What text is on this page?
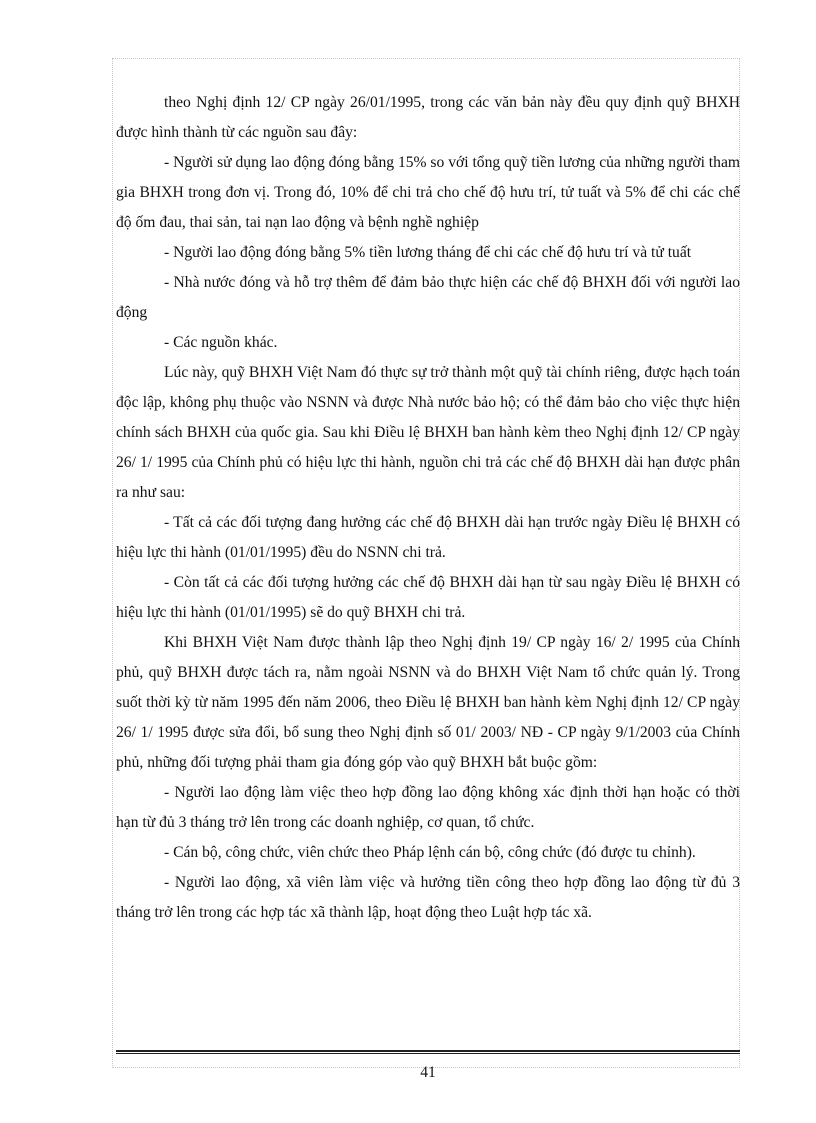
theo Nghị định 12/ CP ngày 26/01/1995, trong các văn bản này đều quy định quỹ BHXH được hình thành từ các nguồn sau đây:

- Người sử dụng lao động đóng bằng 15% so với tổng quỹ tiền lương của những người tham gia BHXH trong đơn vị. Trong đó, 10% để chi trả cho chế độ hưu trí, tử tuất và 5% để chi các chế độ ốm đau, thai sản, tai nạn lao động và bệnh nghề nghiệp

- Người lao động đóng bằng 5% tiền lương tháng để chi các chế độ hưu trí và tử tuất

- Nhà nước đóng và hỗ trợ thêm để đảm bảo thực hiện các chế độ BHXH đối với người lao động

- Các nguồn khác.

Lúc này, quỹ BHXH Việt Nam đó thực sự trở thành một quỹ tài chính riêng, được hạch toán độc lập, không phụ thuộc vào NSNN và được Nhà nước bảo hộ; có thể đảm bảo cho việc thực hiện chính sách BHXH của quốc gia. Sau khi Điều lệ BHXH ban hành kèm theo Nghị định 12/ CP ngày 26/ 1/ 1995 của Chính phủ có hiệu lực thi hành, nguồn chi trả các chế độ BHXH dài hạn được phân ra như sau:

- Tất cả các đối tượng đang hưởng các chế độ BHXH dài hạn trước ngày Điều lệ BHXH có hiệu lực thi hành (01/01/1995) đều do NSNN chi trả.

- Còn tất cả các đối tượng hưởng các chế độ BHXH dài hạn từ sau ngày Điều lệ BHXH có hiệu lực thi hành (01/01/1995) sẽ do quỹ BHXH chi trả.

Khi BHXH Việt Nam được thành lập theo Nghị định 19/ CP ngày 16/ 2/ 1995 của Chính phủ, quỹ BHXH được tách ra, nằm ngoài NSNN và do BHXH Việt Nam tổ chức quản lý. Trong suốt thời kỳ từ năm 1995 đến năm 2006, theo Điều lệ BHXH ban hành kèm Nghị định 12/ CP ngày 26/ 1/ 1995 được sửa đổi, bổ sung theo Nghị định số 01/ 2003/ NĐ - CP ngày 9/1/2003 của Chính phủ, những đối tượng phải tham gia đóng góp vào quỹ BHXH bắt buộc gồm:

- Người lao động làm việc theo hợp đồng lao động không xác định thời hạn hoặc có thời hạn từ đủ 3 tháng trở lên trong các doanh nghiệp, cơ quan, tổ chức.

- Cán bộ, công chức, viên chức theo Pháp lệnh cán bộ, công chức (đó được tu chỉnh).

- Người lao động, xã viên làm việc và hưởng tiền công theo hợp đồng lao động từ đủ 3 tháng trở lên trong các hợp tác xã thành lập, hoạt động theo Luật hợp tác xã.

41
